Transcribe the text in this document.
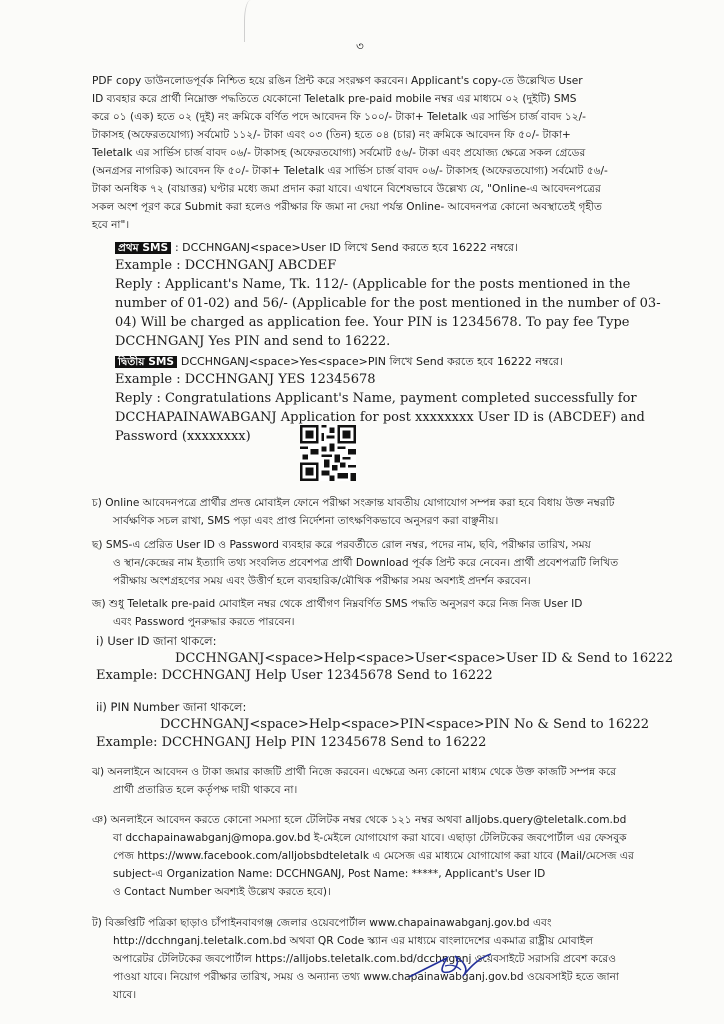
৩
PDF copy ডাউনলোডপূর্বক নিশ্চিত হয়ে রঙিন প্রিন্ট করে সংরক্ষণ করবেন। Applicant's copy-তে উল্লেখিত User
ID ব্যবহার করে প্রার্থী নিম্নোক্ত পদ্ধতিতে যেকোনো Teletalk pre-paid mobile নম্বর এর মাধ্যমে ০২ (দুইটি) SMS
করে ০১ (এক) হতে ০২ (দুই) নং ক্রমিকে বর্ণিত পদে আবেদন ফি ১০০/- টাকা+ Teletalk এর সার্ভিস চার্জ বাবদ ১২/-
টাকাসহ (অফেরতযোগ্য) সর্বমোট ১১২/- টাকা এবং ০৩ (তিন) হতে ০৪ (চার) নং ক্রমিকে আবেদন ফি ৫০/- টাকা+
Teletalk এর সার্ভিস চার্জ বাবদ ০৬/- টাকাসহ (অফেরতযোগ্য) সর্বমোট ৫৬/- টাকা এবং প্রযোজ্য ক্ষেত্রে সকল গ্রেডের
(অনগ্রসর নাগরিক) আবেদন ফি ৫০/- টাকা+ Teletalk এর সার্ভিস চার্জ বাবদ ০৬/- টাকাসহ (অফেরতযোগ্য) সর্বমোট ৫৬/-
টাকা অনধিক ৭২ (বায়াত্তর) ঘণ্টার মধ্যে জমা প্রদান করা যাবে। এখানে বিশেষভাবে উল্লেখ্য যে, "Online-এ আবেদনপত্রের
সকল অংশ পূরণ করে Submit করা হলেও পরীক্ষার ফি জমা না দেয়া পর্যন্ত Online- আবেদনপত্র কোনো অবস্থাতেই গৃহীত
হবে না"।
প্রথম SMS : DCCHNGANJ<space>User ID লিখে Send করতে হবে 16222 নম্বরে।
Example : DCCHNGANJ ABCDEF
Reply : Applicant's Name, Tk. 112/- (Applicable for the posts mentioned in the
number of 01-02) and 56/- (Applicable for the post mentioned in the number of 03-
04) Will be charged as application fee. Your PIN is 12345678. To pay fee Type
DCCHNGANJ Yes PIN and send to 16222.
দ্বিতীয় SMS DCCHNGANJ<space>Yes<space>PIN লিখে Send করতে হবে 16222 নম্বরে।
Example : DCCHNGANJ YES 12345678
Reply : Congratulations Applicant's Name, payment completed successfully for
DCCHAPAINAWABGANJ Application for post xxxxxxxx User ID is (ABCDEF) and
Password (xxxxxxxx)
চ) Online আবেদনপত্রে প্রার্থীর প্রদত্ত মোবাইল ফোনে পরীক্ষা সংক্রান্ত যাবতীয় যোগাযোগ সম্পন্ন করা হবে বিধায় উক্ত নম্বরটি
সার্বক্ষণিক সচল রাখা, SMS পড়া এবং প্রাপ্ত নির্দেশনা তাৎক্ষণিকভাবে অনুসরণ করা বাঞ্ছনীয়।
ছ) SMS-এ প্রেরিত User ID ও Password ব্যবহার করে পরবর্তীতে রোল নম্বর, পদের নাম, ছবি, পরীক্ষার তারিখ, সময়
ও স্থান/কেন্দ্রের নাম ইত্যাদি তথ্য সংবলিত প্রবেশপত্র প্রার্থী Download পূর্বক প্রিন্ট করে নেবেন। প্রার্থী প্রবেশপত্রটি লিখিত
পরীক্ষায় অংশগ্রহণের সময় এবং উত্তীর্ণ হলে ব্যবহারিক/মৌখিক পরীক্ষার সময় অবশ্যই প্রদর্শন করবেন।
জ) শুধু Teletalk pre-paid মোবাইল নম্বর থেকে প্রার্থীগণ নিম্নবর্ণিত SMS পদ্ধতি অনুসরণ করে নিজ নিজ User ID
এবং Password পুনরুদ্ধার করতে পারবেন।
i) User ID জানা থাকলে:
DCCHNGANJ<space>Help<space>User<space>User ID & Send to 16222
Example: DCCHNGANJ Help User 12345678 Send to 16222
ii) PIN Number জানা থাকলে:
DCCHNGANJ<space>Help<space>PIN<space>PIN No & Send to 16222
Example: DCCHNGANJ Help PIN 12345678 Send to 16222
ঝ) অনলাইনে আবেদন ও টাকা জমার কাজটি প্রার্থী নিজে করবেন। এক্ষেত্রে অন্য কোনো মাধ্যম থেকে উক্ত কাজটি সম্পন্ন করে
প্রার্থী প্রতারিত হলে কর্তৃপক্ষ দায়ী থাকবে না।
ঞ) অনলাইনে আবেদন করতে কোনো সমস্যা হলে টেলিটক নম্বর থেকে ১২১ নম্বর অথবা alljobs.query@teletalk.com.bd
বা dcchapainawabganj@mopa.gov.bd ই-মেইলে যোগাযোগ করা যাবে। এছাড়া টেলিটকের জবপোর্টাল এর ফেসবুক
পেজ https://www.facebook.com/alljobsbdteletalk এ মেসেজ এর মাধ্যমে যোগাযোগ করা যাবে (Mail/মেসেজ এর
subject-এ Organization Name: DCCHNGANJ, Post Name: *****, Applicant's User ID
ও Contact Number অবশ্যই উল্লেখ করতে হবে)।
ট) বিজ্ঞপ্তিটি পত্রিকা ছাড়াও চাঁপাইনবাবগঞ্জ জেলার ওয়েবপোর্টাল www.chapainawabganj.gov.bd এবং
http://dcchnganj.teletalk.com.bd অথবা QR Code স্ক্যান এর মাধ্যমে বাংলাদেশের একমাত্র রাষ্ট্রীয় মোবাইল
অপারেটর টেলিটকের জবপোর্টাল https://alljobs.teletalk.com.bd/dcchnganj ওয়েবসাইটে সরাসরি প্রবেশ করেও
পাওয়া যাবে। নিয়োগ পরীক্ষার তারিখ, সময় ও অন্যান্য তথ্য www.chapainawabganj.gov.bd ওয়েবসাইট হতে জানা
যাবে।
